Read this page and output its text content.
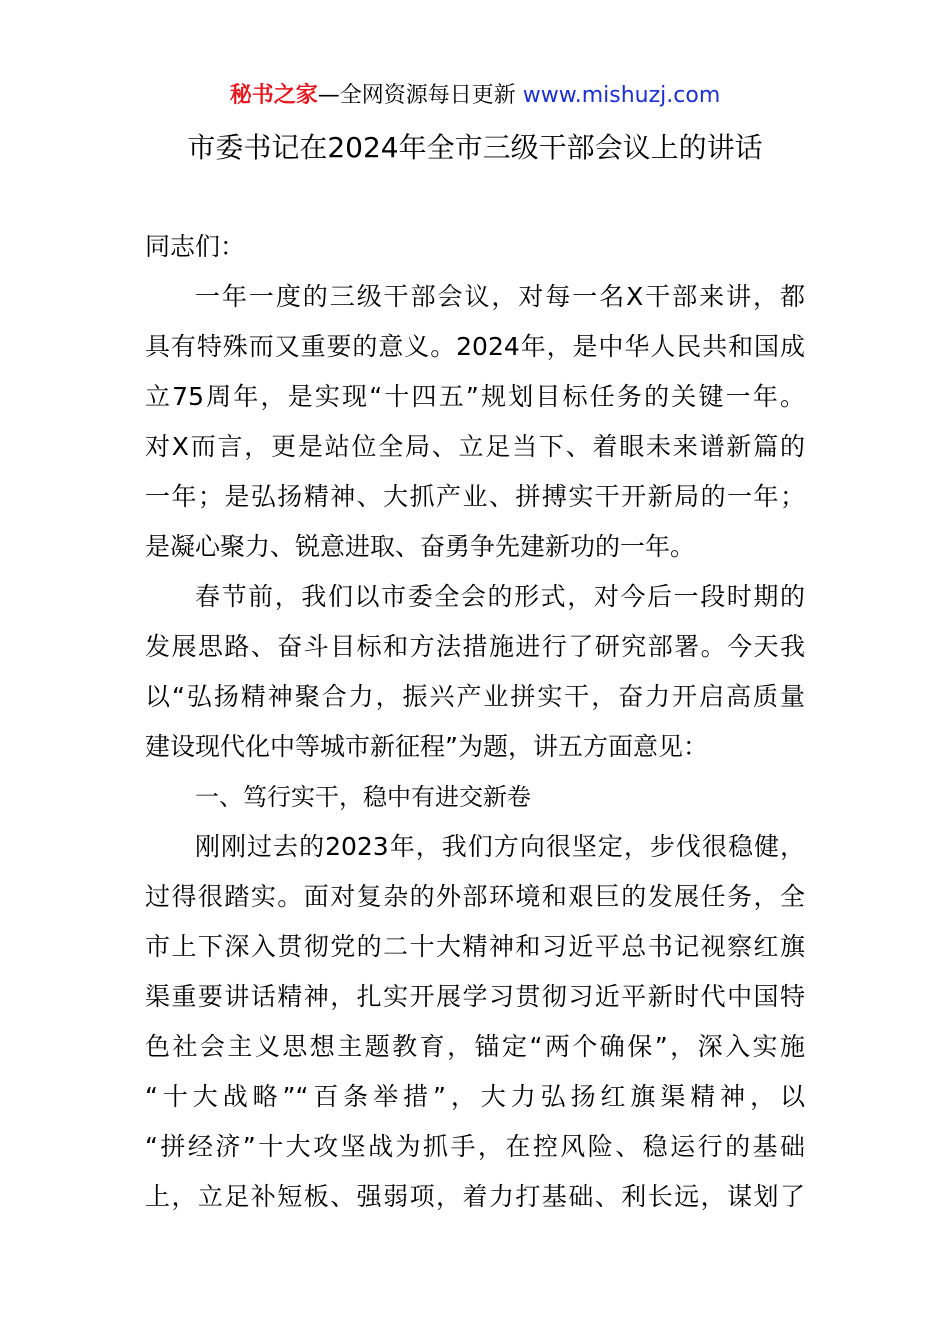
秘书之家—全网资源每日更新 www.mishuzj.com
市委书记在2024年全市三级干部会议上的讲话
同志们：
一年一度的三级干部会议，对每一名X干部来讲，都
具有特殊而又重要的意义。2024年，是中华人民共和国成
立75周年，是实现“十四五”规划目标任务的关键一年。
对X而言，更是站位全局、立足当下、着眼未来谱新篇的
一年；是弘扬精神、大抓产业、拼搏实干开新局的一年；
是凝心聚力、锐意进取、奋勇争先建新功的一年。
春节前，我们以市委全会的形式，对今后一段时期的
发展思路、奋斗目标和方法措施进行了研究部署。今天我
以“弘扬精神聚合力，振兴产业拼实干，奋力开启高质量
建设现代化中等城市新征程”为题，讲五方面意见：
一、笃行实干，稳中有进交新卷
刚刚过去的2023年，我们方向很坚定，步伐很稳健，
过得很踏实。面对复杂的外部环境和艰巨的发展任务，全
市上下深入贯彻党的二十大精神和习近平总书记视察红旗
渠重要讲话精神，扎实开展学习贯彻习近平新时代中国特
色社会主义思想主题教育，锚定“两个确保”，深入实施
“十大战略”“百条举措”，大力弘扬红旗渠精神，以
“拼经济”十大攻坚战为抓手，在控风险、稳运行的基础
上，立足补短板、强弱项，着力打基础、利长远，谋划了
